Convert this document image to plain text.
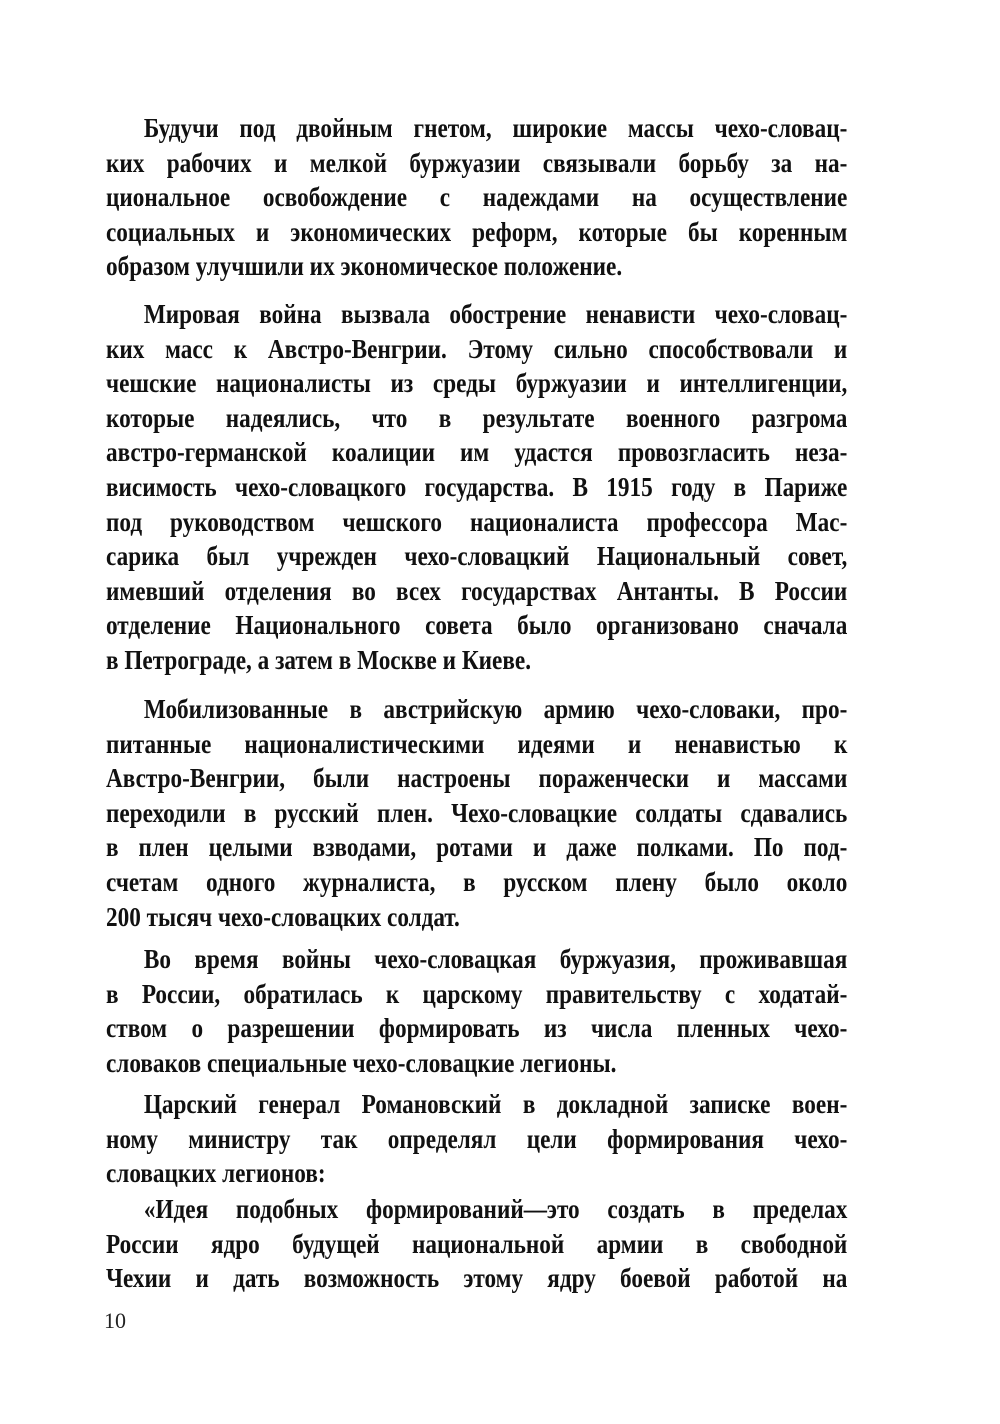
Будучи под двойным гнетом, широкие массы чехо-словац-
ких рабочих и мелкой буржуазии связывали борьбу за на-
циональное освобождение с надеждами на осуществление
социальных и экономических реформ, которые бы коренным
образом улучшили их экономическое положение.
Мировая война вызвала обострение ненависти чехо-словац-
ких масс к Австро-Венгрии. Этому сильно способствовали и
чешские националисты из среды буржуазии и интеллигенции,
которые надеялись, что в результате военного разгрома
австро-германской коалиции им удастся провозгласить неза-
висимость чехо-словацкого государства. В 1915 году в Париже
под руководством чешского националиста профессора Мас-
сарика был учрежден чехо-словацкий Национальный совет,
имевший отделения во всех государствах Антанты. В России
отделение Национального совета было организовано сначала
в Петрограде, а затем в Москве и Киеве.
Мобилизованные в австрийскую армию чехо-словаки, про-
питанные националистическими идеями и ненавистью к
Австро-Венгрии, были настроены пораженчески и массами
переходили в русский плен. Чехо-словацкие солдаты сдавались
в плен целыми взводами, ротами и даже полками. По под-
счетам одного журналиста, в русском плену было около
200 тысяч чехо-словацких солдат.
Во время войны чехо-словацкая буржуазия, проживавшая
в России, обратилась к царскому правительству с ходатай-
ством о разрешении формировать из числа пленных чехо-
словаков специальные чехо-словацкие легионы.
Царский генерал Романовский в докладной записке воен-
ному министру так определял цели формирования чехо-
словацких легионов:
«Идея подобных формирований—это создать в пределах
России ядро будущей национальной армии в свободной
Чехии и дать возможность этому ядру боевой работой на
10
